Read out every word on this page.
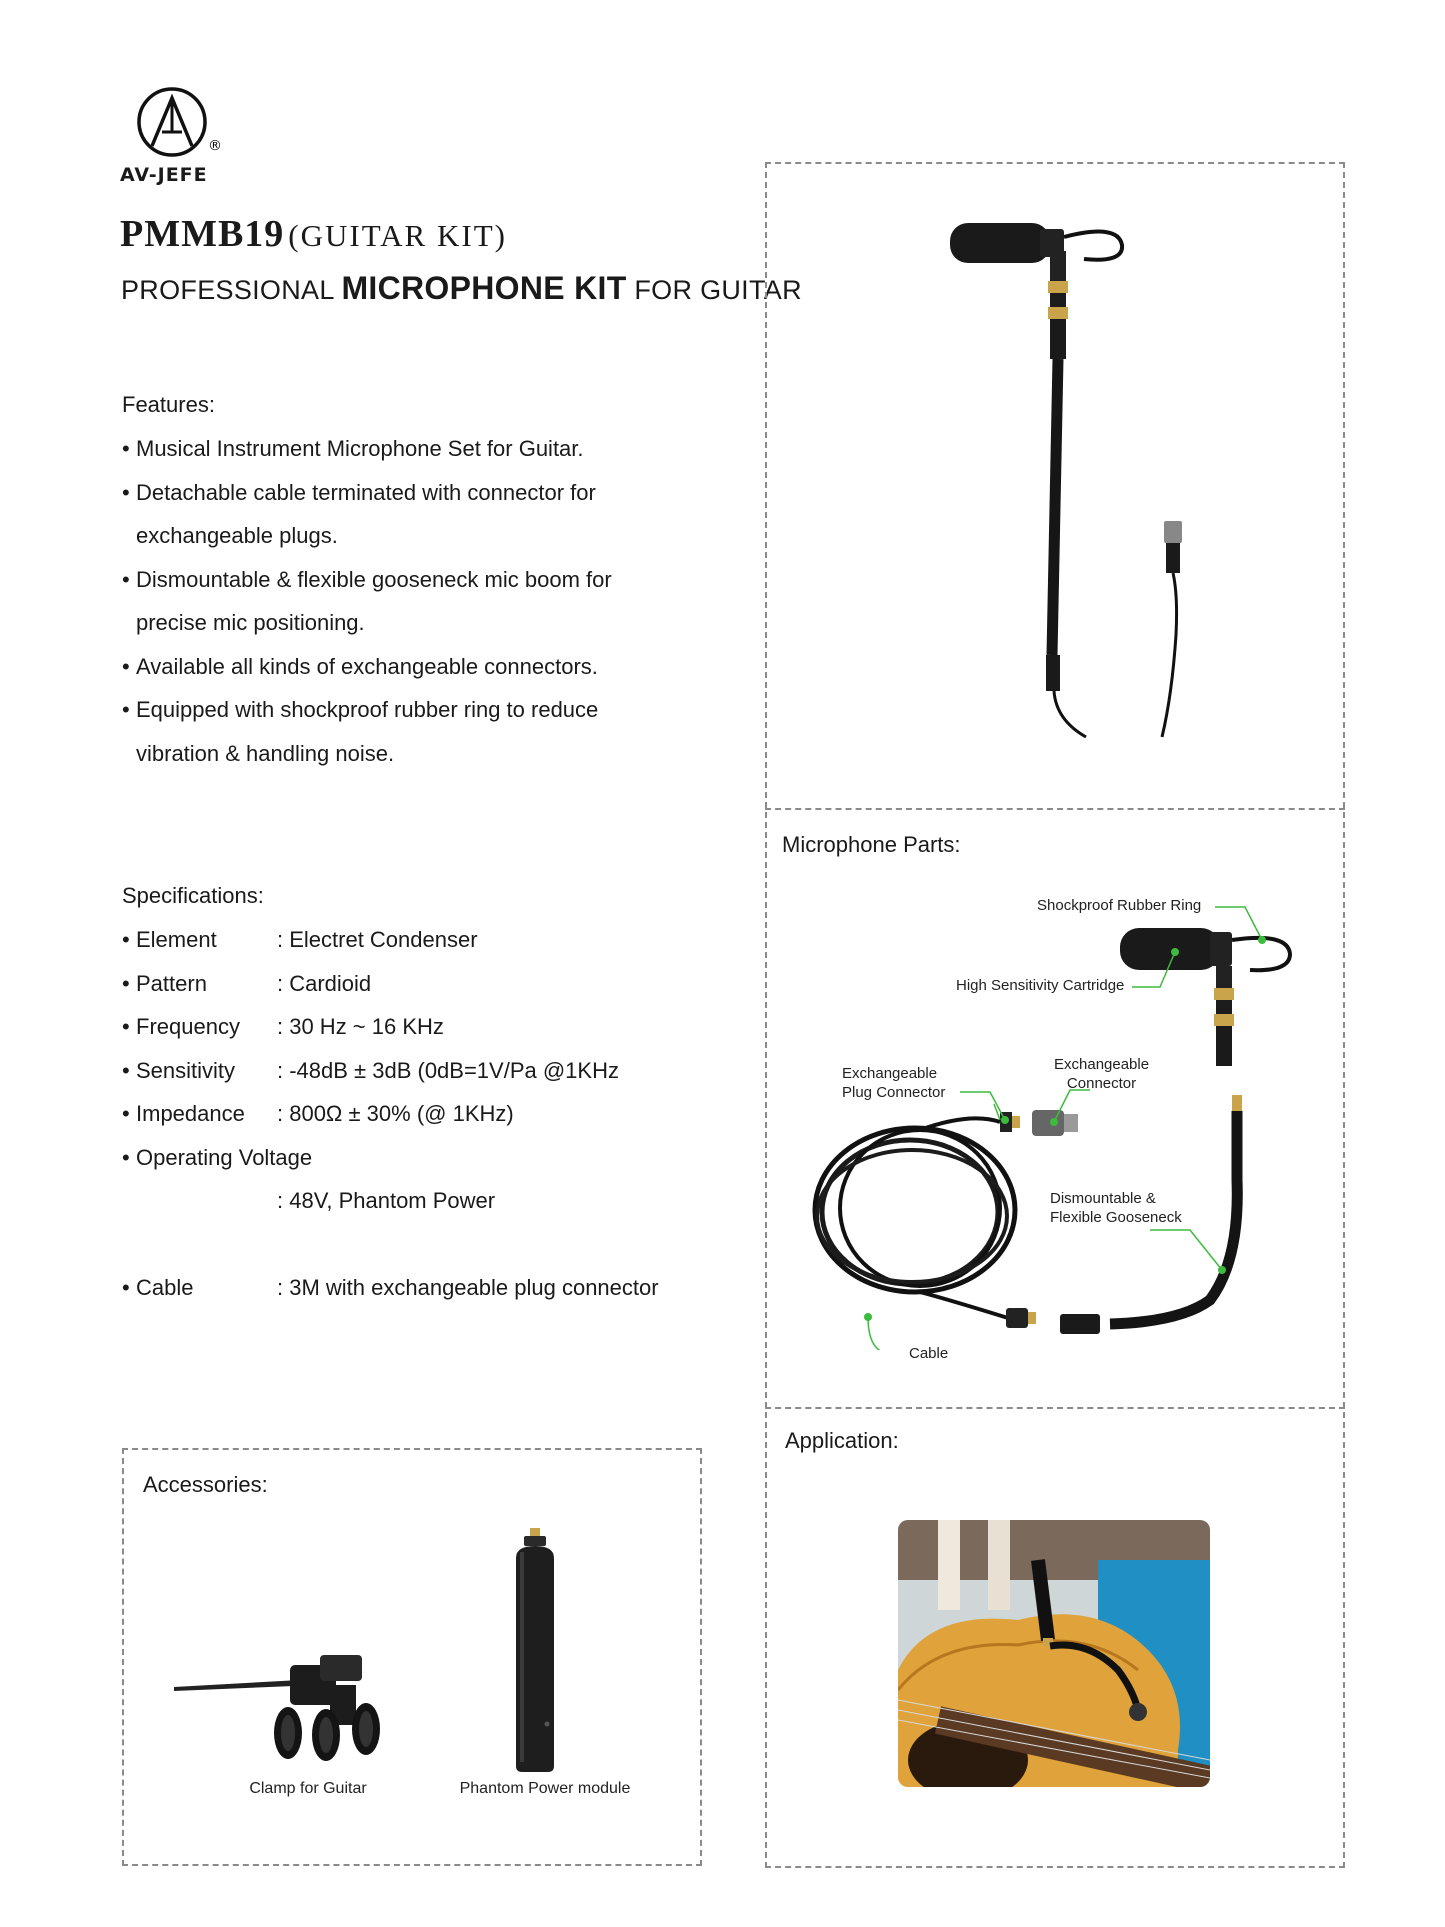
®
AV-JEFE
PMMB19 (GUITAR KIT)
PROFESSIONAL MICROPHONE KIT FOR GUITAR
Features:
• Musical Instrument Microphone Set for Guitar.
• Detachable cable terminated with connector for
exchangeable plugs.
• Dismountable & flexible gooseneck mic boom for
precise mic positioning.
• Available all kinds of exchangeable connectors.
• Equipped with shockproof rubber ring to reduce
vibration & handling noise.
Specifications:
• Element	: Electret Condenser
• Pattern	: Cardioid
• Frequency : 30 Hz ~ 16 KHz
• Sensitivity : -48dB ± 3dB (0dB=1V/Pa @1KHz
• Impedance : 800Ω ± 30% (@ 1KHz)
• Operating Voltage
: 48V, Phantom Power
• Cable	: 3M with exchangeable plug connector
Accessories:
Clamp for Guitar	Phantom Power module
Microphone Parts:
Shockproof Rubber Ring
High Sensitivity Cartridge
Exchangeable
Plug Connector
Exchangeable
Connector
Dismountable &
Flexible Gooseneck
Cable
Application:
